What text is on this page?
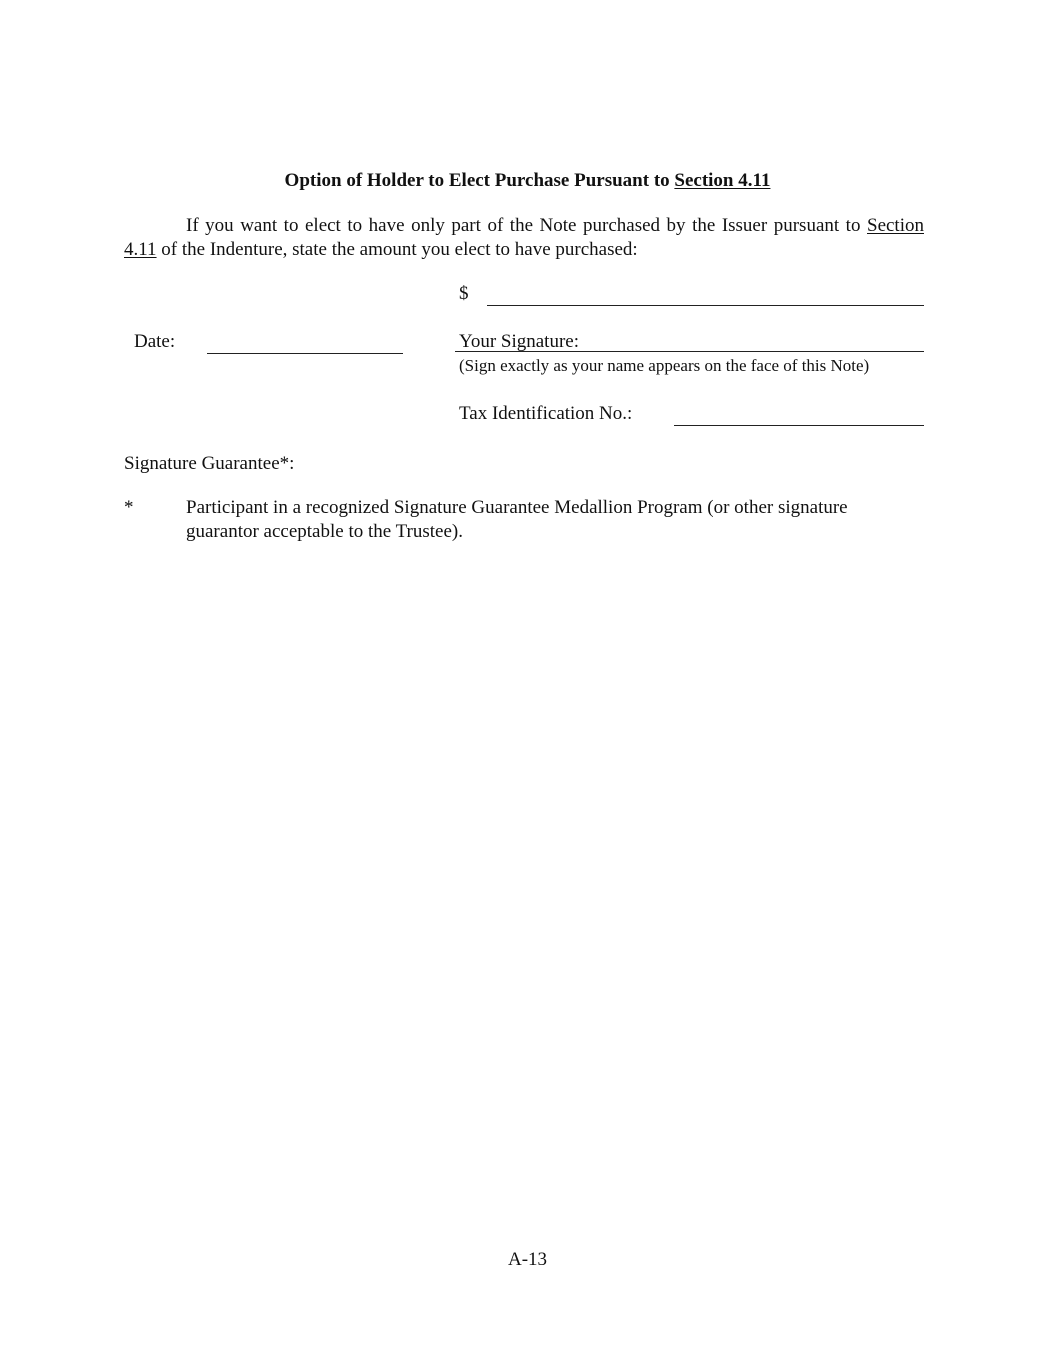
Option of Holder to Elect Purchase Pursuant to Section 4.11
If you want to elect to have only part of the Note purchased by the Issuer pursuant to Section 4.11 of the Indenture, state the amount you elect to have purchased:
$
Date:	Your Signature:
(Sign exactly as your name appears on the face of this Note)
Tax Identification No.:
Signature Guarantee*:
*	Participant in a recognized Signature Guarantee Medallion Program (or other signature
guarantor acceptable to the Trustee).
A-13
